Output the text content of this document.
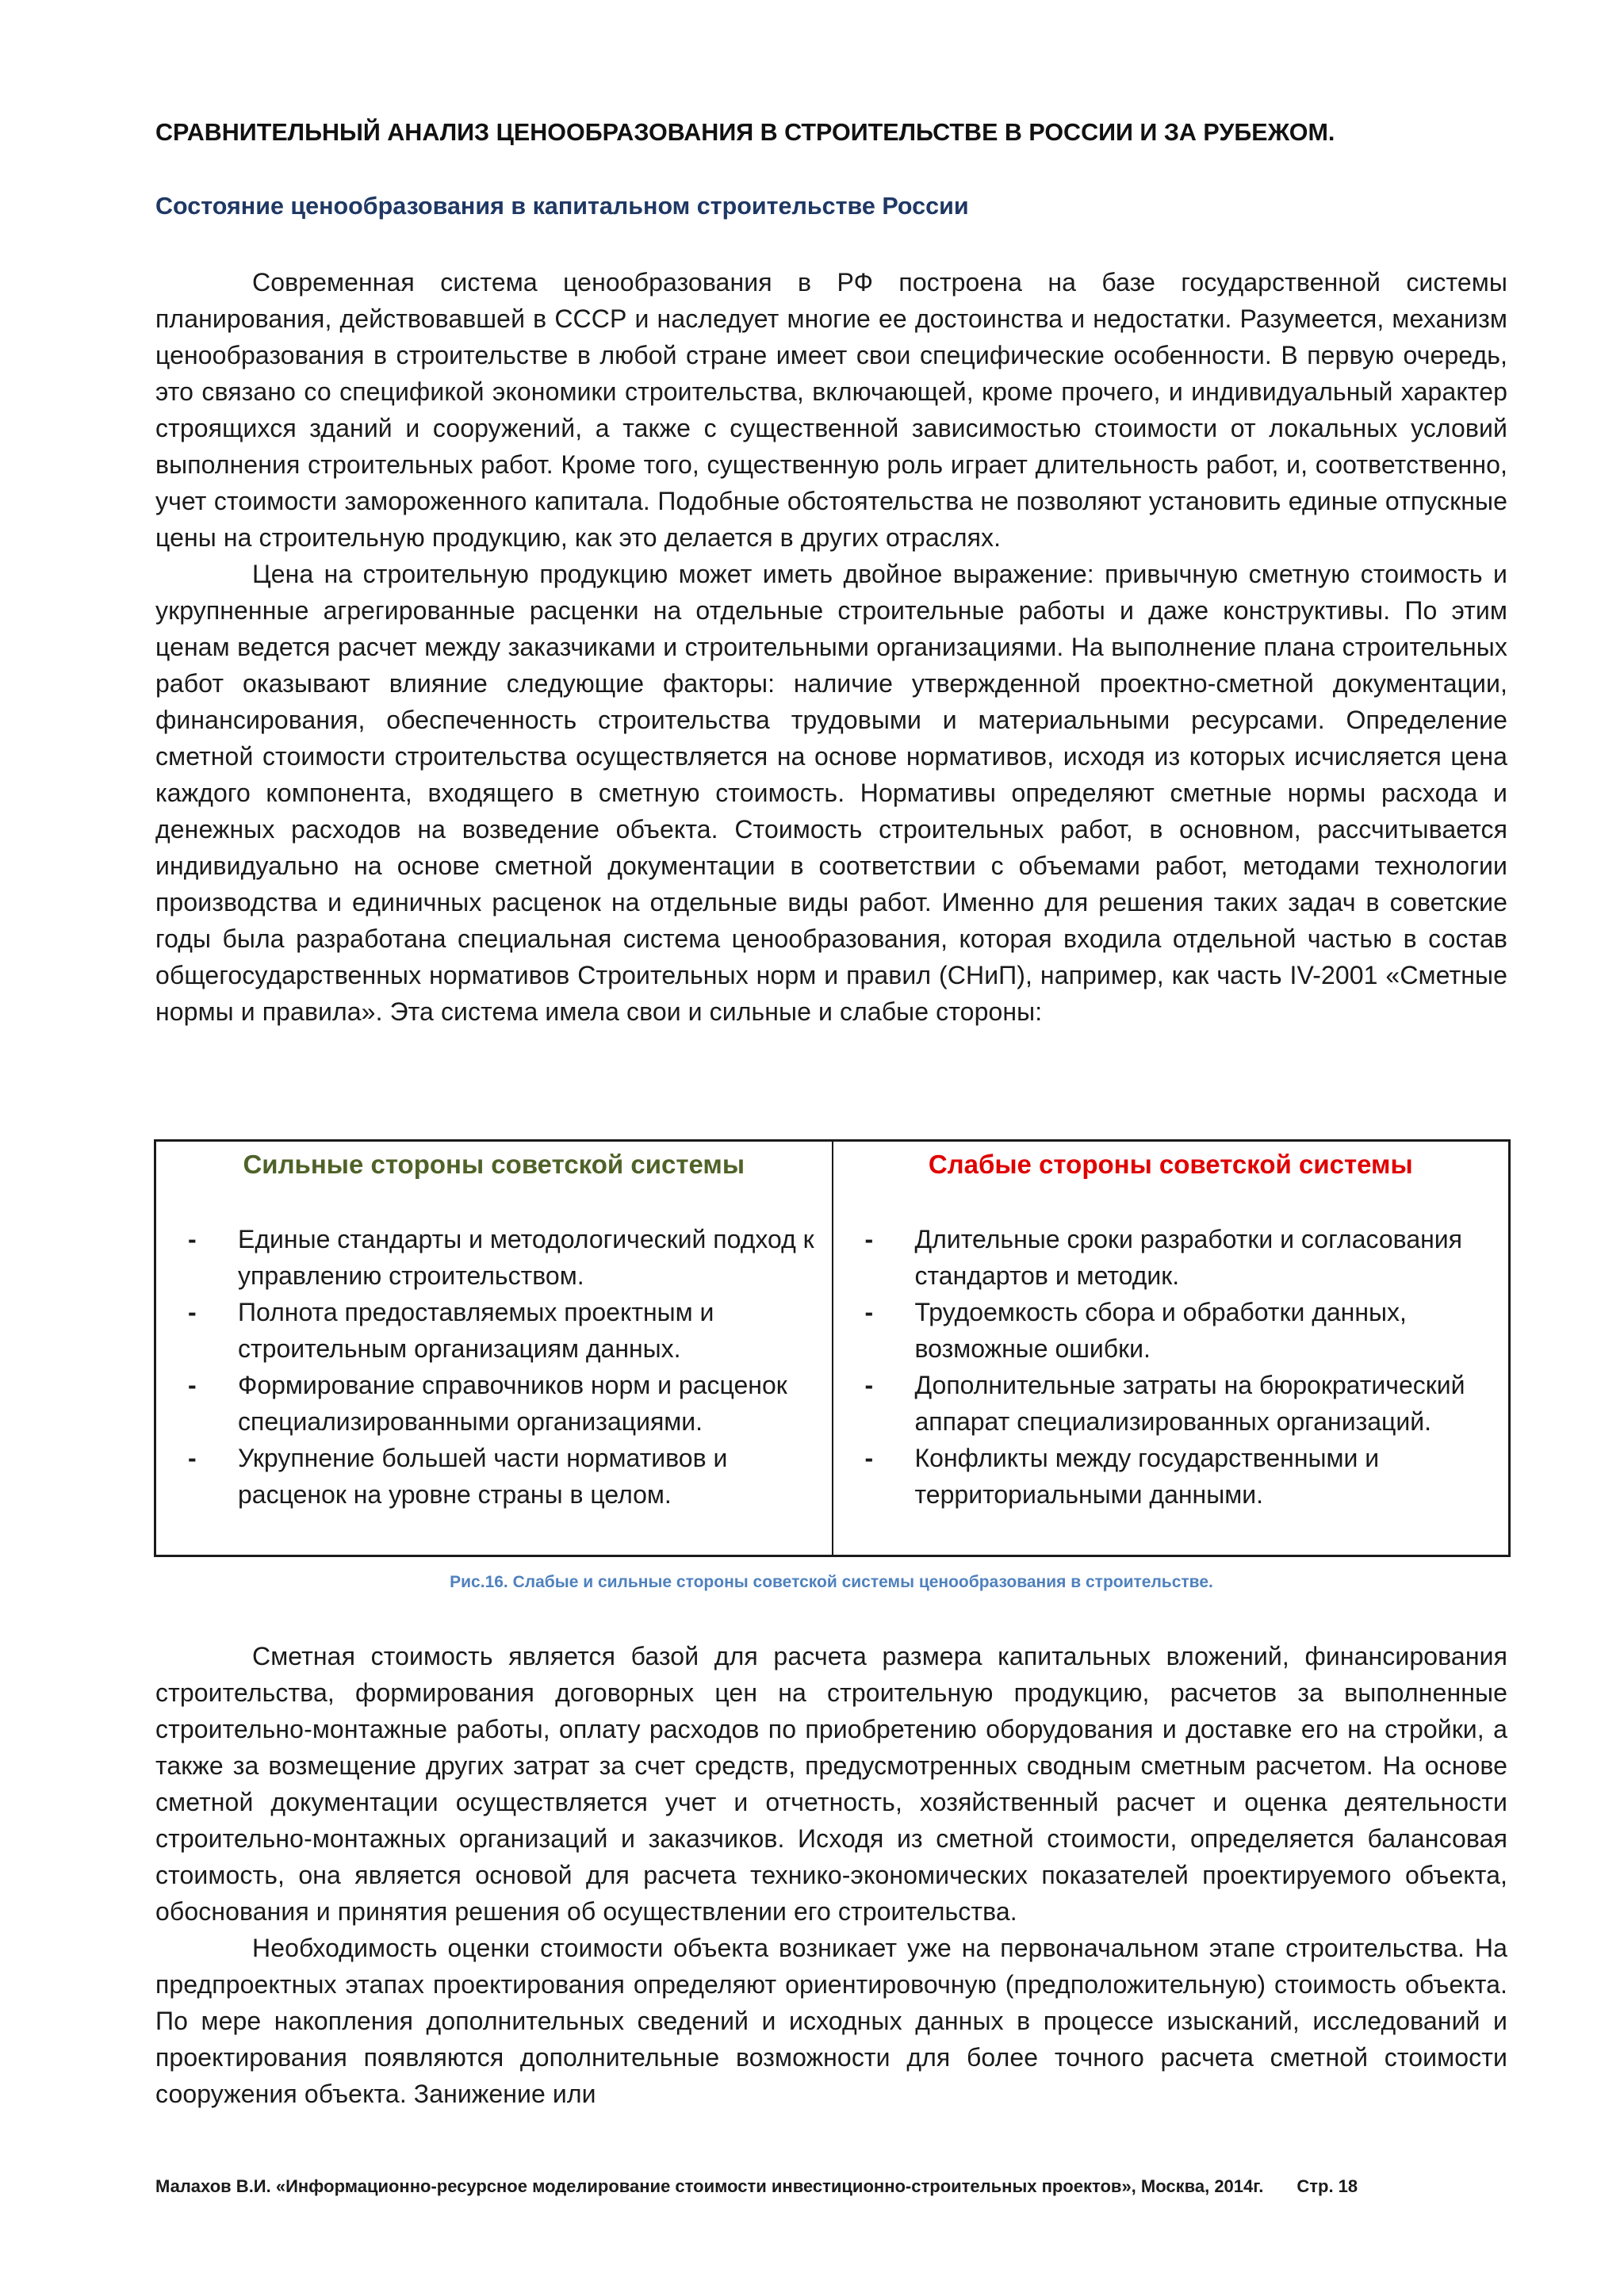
СРАВНИТЕЛЬНЫЙ АНАЛИЗ ЦЕНООБРАЗОВАНИЯ В СТРОИТЕЛЬСТВЕ В РОССИИ И ЗА РУБЕЖОМ.
Состояние ценообразования в капитальном строительстве России

Современная система ценообразования в РФ построена на базе государственной системы планирования, действовавшей в СССР и наследует многие ее достоинства и недостатки. Разумеется, механизм ценообразования в строительстве в любой стране имеет свои специфические особенности. В первую очередь, это связано со спецификой экономики строительства, включающей, кроме прочего, и индивидуальный характер строящихся зданий и сооружений, а также с существенной зависимостью стоимости от локальных условий выполнения строительных работ. Кроме того, существенную роль играет длительность работ, и, соответственно, учет стоимости замороженного капитала. Подобные обстоятельства не позволяют установить единые отпускные цены на строительную продукцию, как это делается в других отраслях.

Цена на строительную продукцию может иметь двойное выражение: привычную сметную стоимость и укрупненные агрегированные расценки на отдельные строительные работы и даже конструктивы. По этим ценам ведется расчет между заказчиками и строительными организациями. На выполнение плана строительных работ оказывают влияние следующие факторы: наличие утвержденной проектно-сметной документации, финансирования, обеспеченность строительства трудовыми и материальными ресурсами. Определение сметной стоимости строительства осуществляется на основе нормативов, исходя из которых исчисляется цена каждого компонента, входящего в сметную стоимость. Нормативы определяют сметные нормы расхода и денежных расходов на возведение объекта. Стоимость строительных работ, в основном, рассчитывается индивидуально на основе сметной документации в соответствии с объемами работ, методами технологии производства и единичных расценок на отдельные виды работ. Именно для решения таких задач в советские годы была разработана специальная система ценообразования, которая входила отдельной частью в состав общегосударственных нормативов Строительных норм и правил (СНиП), например, как часть IV-2001 «Сметные нормы и правила». Эта система имела свои и сильные и слабые стороны:

Сильные стороны советской системы
- Единые стандарты и методологический подход к управлению строительством.
- Полнота предоставляемых проектным и строительным организациям данных.
- Формирование справочников норм и расценок специализированными организациями.
- Укрупнение большей части нормативов и расценок на уровне страны в целом.
Слабые стороны советской системы
- Длительные сроки разработки и согласования стандартов и методик.
- Трудоемкость сбора и обработки данных, возможные ошибки.
- Дополнительные затраты на бюрократический аппарат специализированных организаций.
- Конфликты между государственными и территориальными данными.
Рис.16. Слабые и сильные стороны советской системы ценообразования в строительстве.

Сметная стоимость является базой для расчета размера капитальных вложений, финансирования строительства, формирования договорных цен на строительную продукцию, расчетов за выполненные строительно-монтажные работы, оплату расходов по приобретению оборудования и доставке его на стройки, а также за возмещение других затрат за счет средств, предусмотренных сводным сметным расчетом. На основе сметной документации осуществляется учет и отчетность, хозяйственный расчет и оценка деятельности строительно-монтажных организаций и заказчиков. Исходя из сметной стоимости, определяется балансовая стоимость, она является основой для расчета технико-экономических показателей проектируемого объекта, обоснования и принятия решения об осуществлении его строительства.

Необходимость оценки стоимости объекта возникает уже на первоначальном этапе строительства. На предпроектных этапах проектирования определяют ориентировочную (предположительную) стоимость объекта. По мере накопления дополнительных сведений и исходных данных в процессе изысканий, исследований и проектирования появляются дополнительные возможности для более точного расчета сметной стоимости сооружения объекта. Занижение или

Малахов В.И. «Информационно-ресурсное моделирование стоимости инвестиционно-строительных проектов», Москва, 2014г. Стр. 18
